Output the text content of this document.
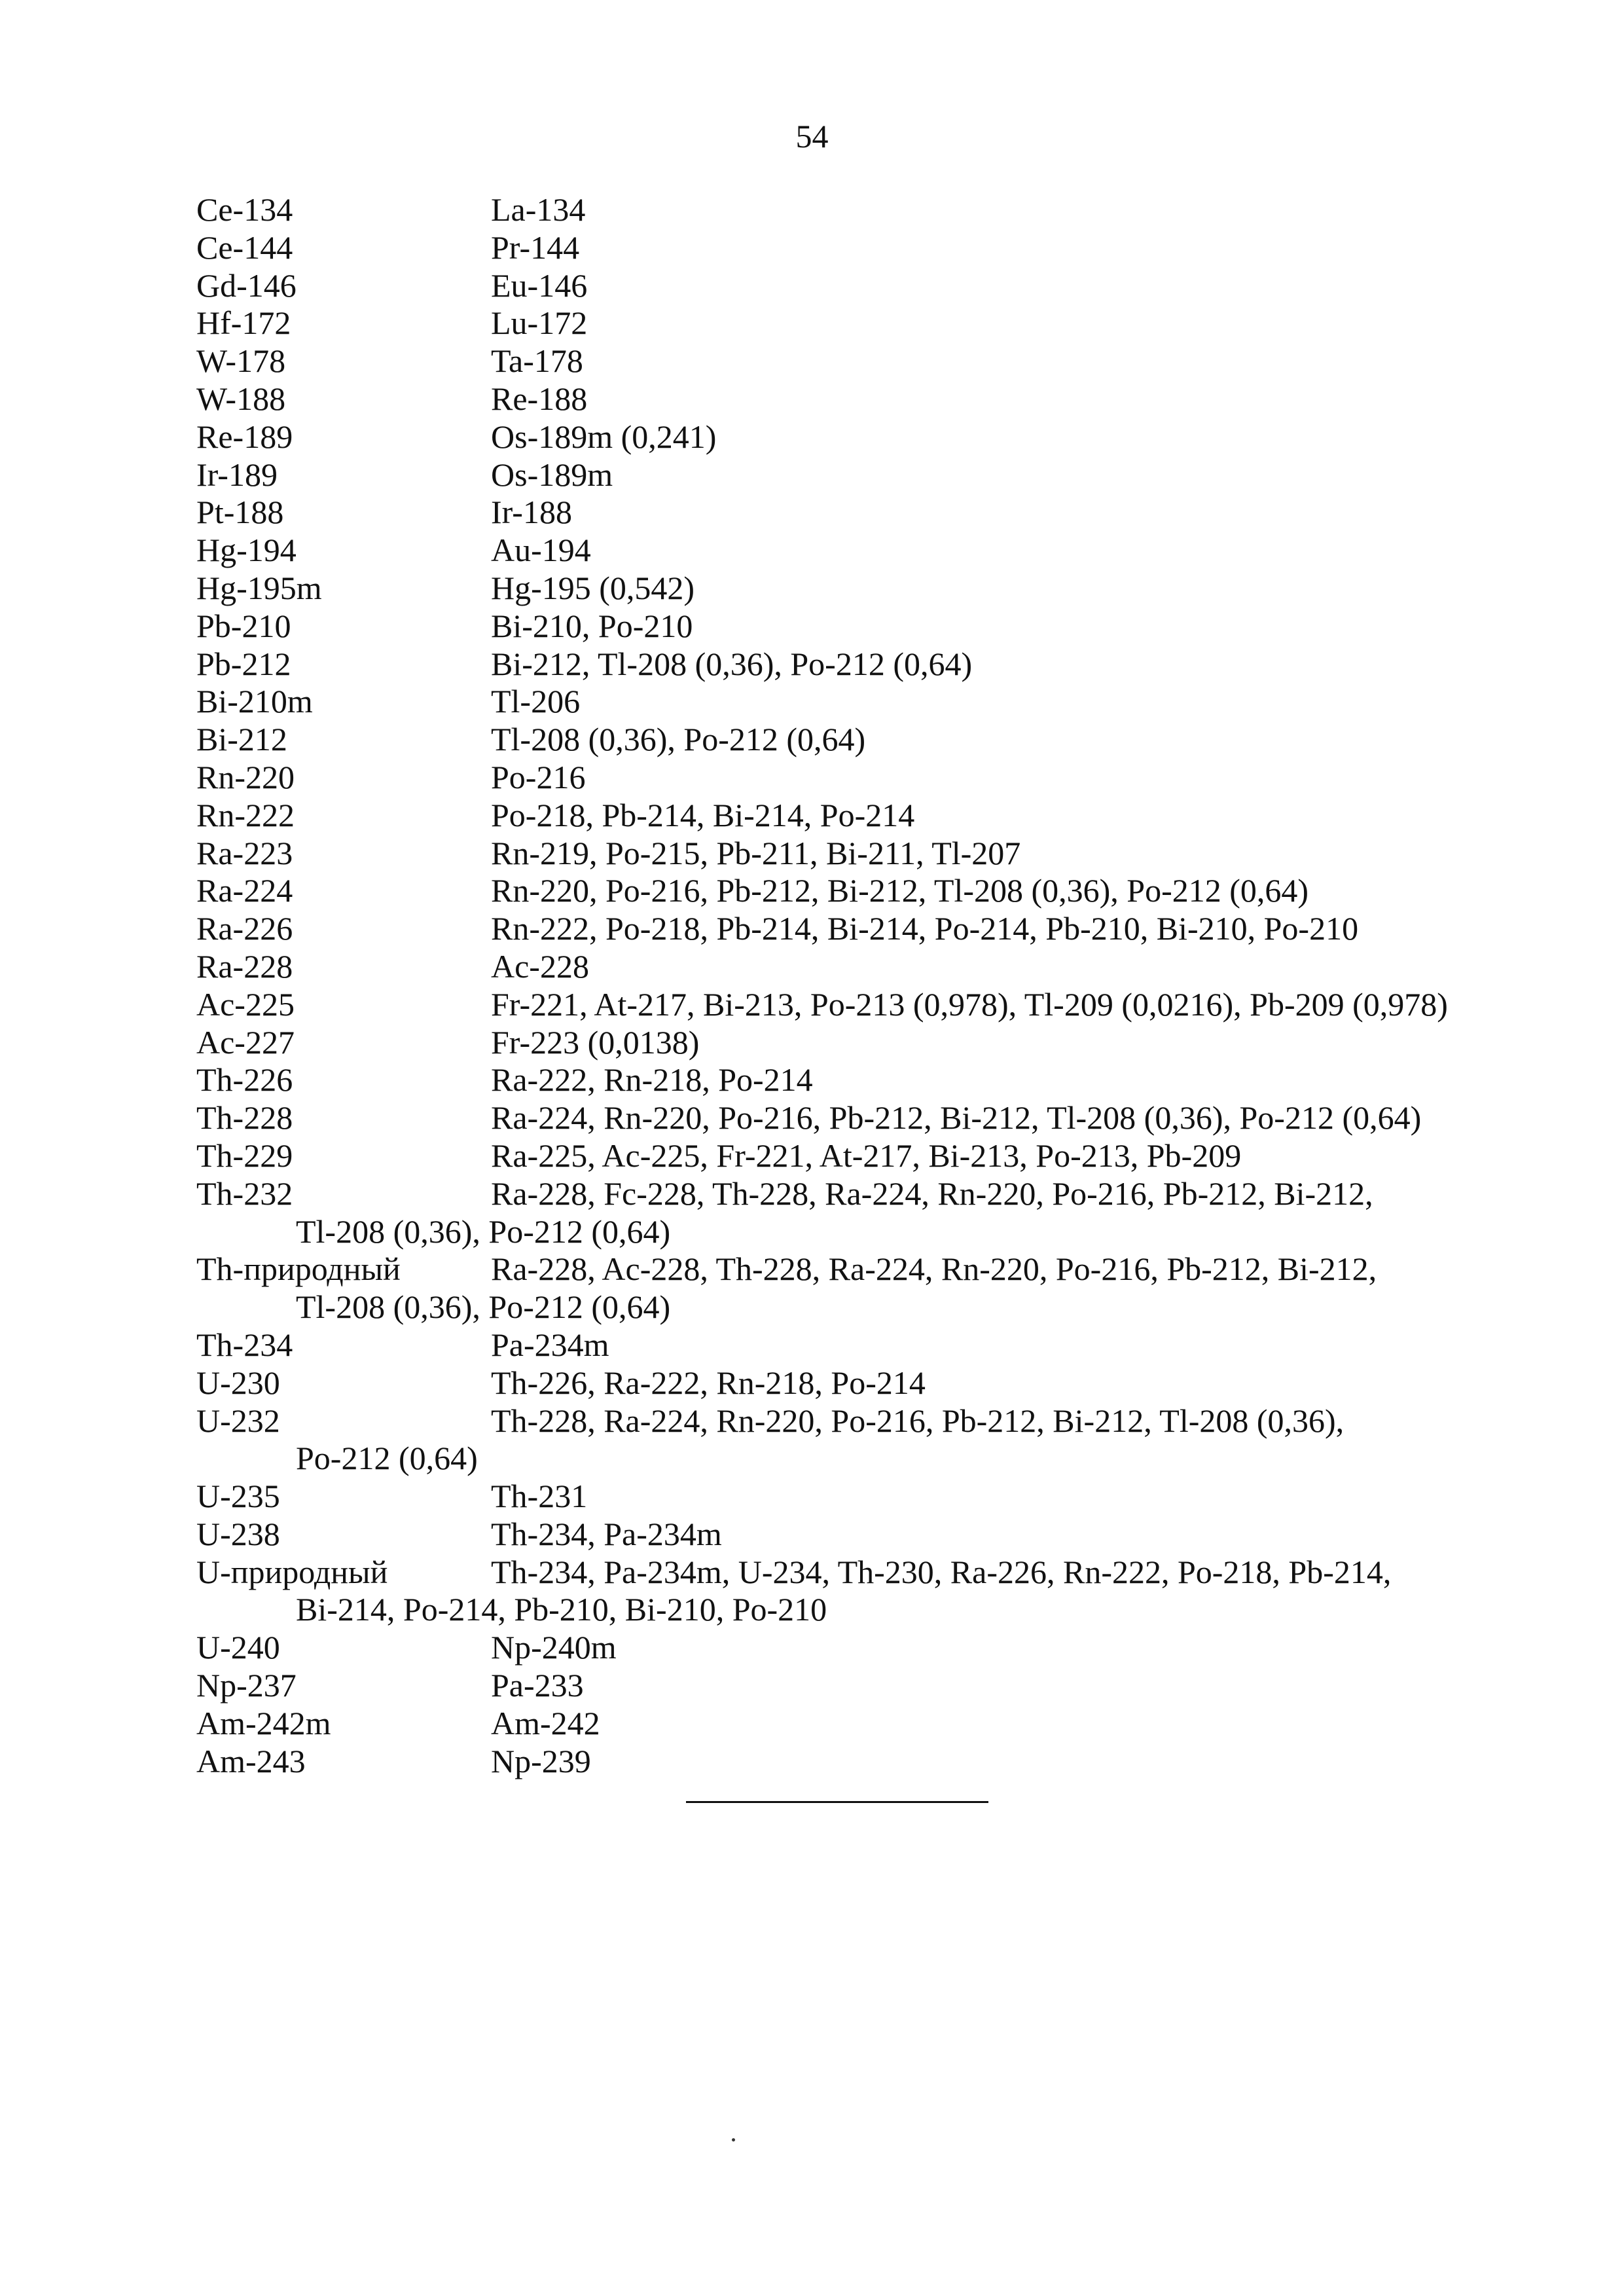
54
Ce-134	La-134
Ce-144	Pr-144
Gd-146	Eu-146
Hf-172	Lu-172
W-178	Ta-178
W-188	Re-188
Re-189	Os-189m (0,241)
Ir-189	Os-189m
Pt-188	Ir-188
Hg-194	Au-194
Hg-195m	Hg-195 (0,542)
Pb-210	Bi-210, Po-210
Pb-212	Bi-212, Tl-208 (0,36), Po-212 (0,64)
Bi-210m	Tl-206
Bi-212	Tl-208 (0,36), Po-212 (0,64)
Rn-220	Po-216
Rn-222	Po-218, Pb-214, Bi-214, Po-214
Ra-223	Rn-219, Po-215, Pb-211, Bi-211, Tl-207
Ra-224	Rn-220, Po-216, Pb-212, Bi-212, Tl-208 (0,36), Po-212 (0,64)
Ra-226	Rn-222, Po-218, Pb-214, Bi-214, Po-214, Pb-210, Bi-210, Po-210
Ra-228	Ac-228
Ac-225	Fr-221, At-217, Bi-213, Po-213 (0,978), Tl-209 (0,0216), Pb-209 (0,978)
Ac-227	Fr-223 (0,0138)
Th-226	Ra-222, Rn-218, Po-214
Th-228	Ra-224, Rn-220, Po-216, Pb-212, Bi-212, Tl-208 (0,36), Po-212 (0,64)
Th-229	Ra-225, Ac-225, Fr-221, At-217, Bi-213, Po-213, Pb-209
Th-232	Ra-228, Fc-228, Th-228, Ra-224, Rn-220, Po-216, Pb-212, Bi-212,
Tl-208 (0,36), Po-212 (0,64)
Th-природный	Ra-228, Ac-228, Th-228, Ra-224, Rn-220, Po-216, Pb-212, Bi-212,
Tl-208 (0,36), Po-212 (0,64)
Th-234	Pa-234m
U-230	Th-226, Ra-222, Rn-218, Po-214
U-232	Th-228, Ra-224, Rn-220, Po-216, Pb-212, Bi-212, Tl-208 (0,36),
Po-212 (0,64)
U-235	Th-231
U-238	Th-234, Pa-234m
U-природный	Th-234, Pa-234m, U-234, Th-230, Ra-226, Rn-222, Po-218, Pb-214,
Bi-214, Po-214, Pb-210, Bi-210, Po-210
U-240	Np-240m
Np-237	Pa-233
Am-242m	Am-242
Am-243	Np-239
